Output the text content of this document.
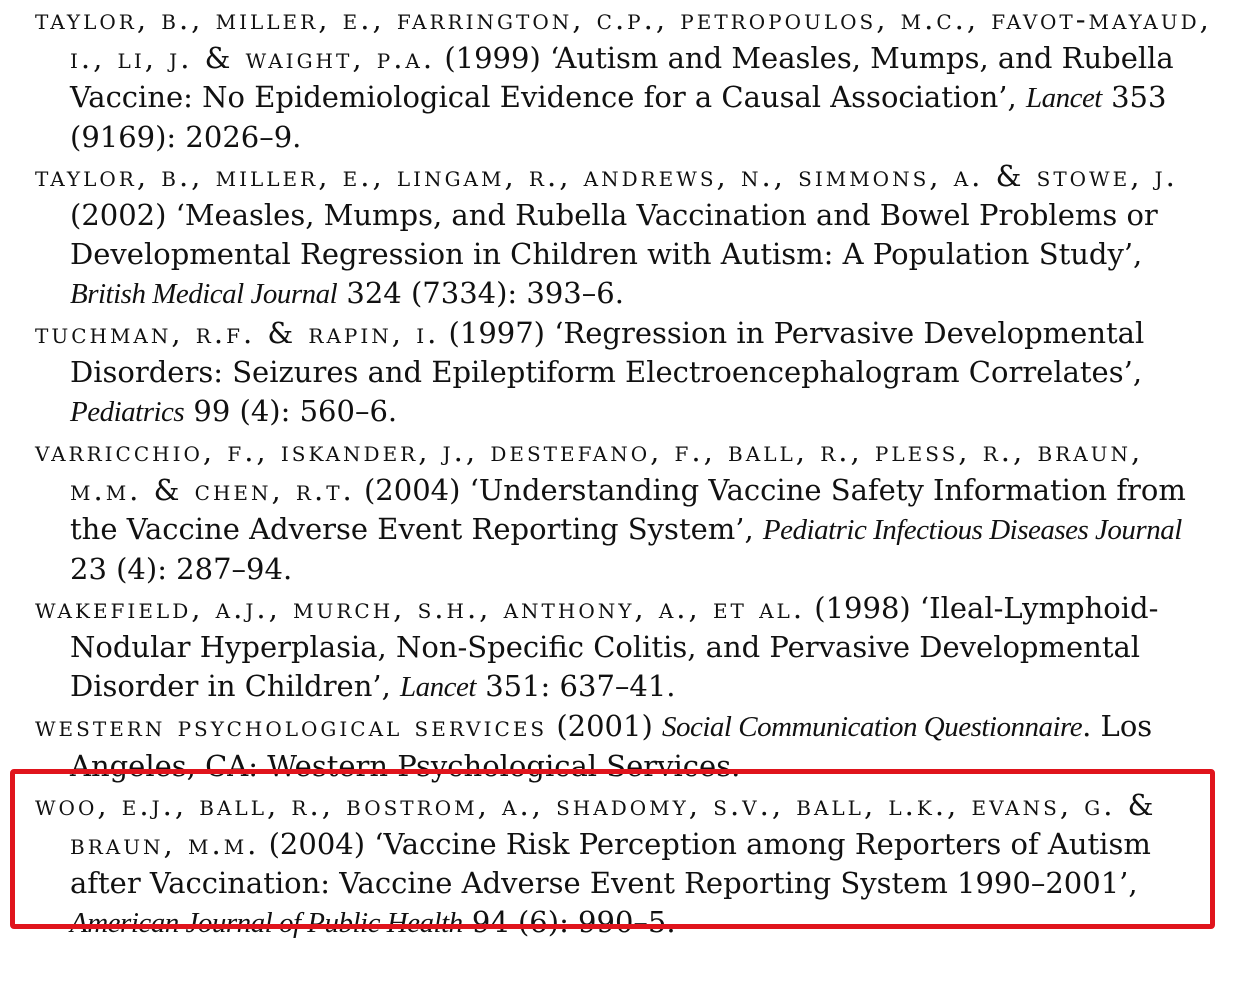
taylor, b., miller, e., farrington, c.p., petropoulos, m.c., favot-mayaud, i., li, j. & waight, p.a. (1999) ‘Autism and Measles, Mumps, and Rubella Vaccine: No Epidemiological Evidence for a Causal Association’, Lancet 353 (9169): 2026–9.

taylor, b., miller, e., lingam, r., andrews, n., simmons, a. & stowe, j. (2002) ‘Measles, Mumps, and Rubella Vaccination and Bowel Problems or Developmental Regression in Children with Autism: A Population Study’, British Medical Journal 324 (7334): 393–6.

tuchman, r.f. & rapin, i. (1997) ‘Regression in Pervasive Developmental Disorders: Seizures and Epileptiform Electroencephalogram Correlates’, Pediatrics 99 (4): 560–6.

varricchio, f., iskander, j., destefano, f., ball, r., pless, r., braun, m.m. & chen, r.t. (2004) ‘Understanding Vaccine Safety Information from the Vaccine Adverse Event Reporting System’, Pediatric Infectious Diseases Journal 23 (4): 287–94.

wakefield, a.j., murch, s.h., anthony, a., et al. (1998) ‘Ileal-Lymphoid-Nodular Hyperplasia, Non-Specific Colitis, and Pervasive Developmental Disorder in Children’, Lancet 351: 637–41.

western psychological services (2001) Social Communication Questionnaire. Los Angeles, CA: Western Psychological Services.

woo, e.j., ball, r., bostrom, a., shadomy, s.v., ball, l.k., evans, g. & braun, m.m. (2004) ‘Vaccine Risk Perception among Reporters of Autism after Vaccination: Vaccine Adverse Event Reporting System 1990–2001’, American Journal of Public Health 94 (6): 990–5.
